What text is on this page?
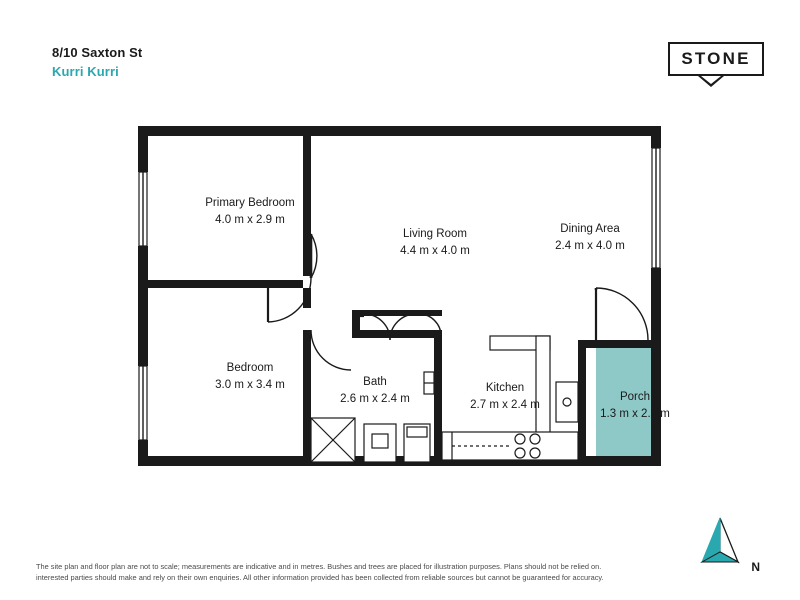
8/10 Saxton St
Kurri Kurri
STONE
Primary Bedroom
4.0 m x 2.9 m
Bedroom
3.0 m x 3.4 m
Living Room
4.4 m x 4.0 m
Dining Area
2.4 m x 4.0 m
Bath
2.6 m x 2.4 m
Kitchen
2.7 m x 2.4 m
Porch
1.3 m x 2.2 m
N
The site plan and floor plan are not to scale; measurements are indicative and in metres. Bushes and trees are placed for illustration purposes. Plans should not be relied on.
interested parties should make and rely on their own enquiries. All other information provided has been collected from reliable sources but cannot be guaranteed for accuracy.
